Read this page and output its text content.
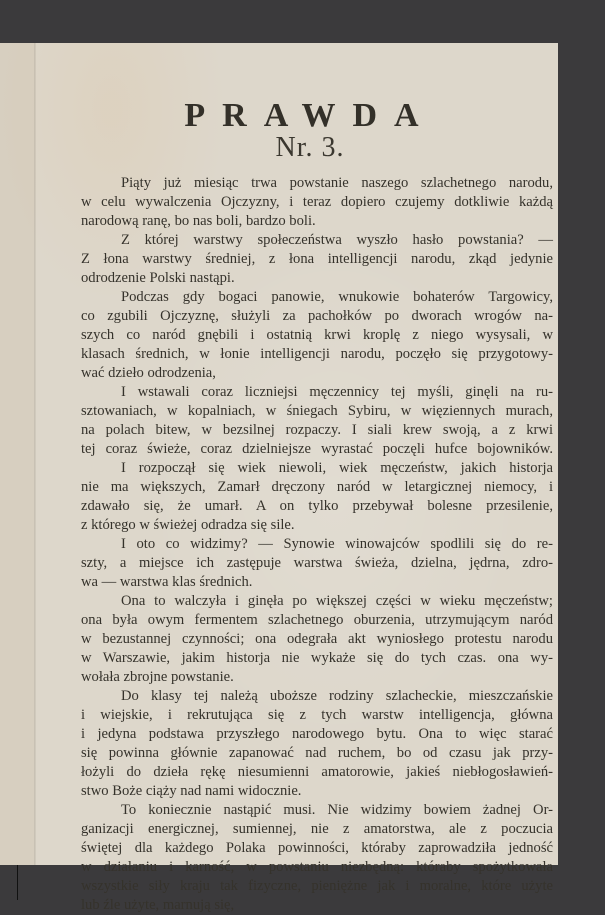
PRAWDA
Nr. 3.
Piąty już miesiąc trwa powstanie naszego szlachetnego narodu,
w celu wywalczenia Ojczyzny, i teraz dopiero czujemy dotkliwie każdą
narodową ranę, bo nas boli, bardzo boli.
Z której warstwy społeczeństwa wyszło hasło powstania? —
Z łona warstwy średniej, z łona intelligencji narodu, zkąd jedynie
odrodzenie Polski nastąpi.
Podczas gdy bogaci panowie, wnukowie bohaterów Targowicy,
co zgubili Ojczyznę, służyli za pachołków po dworach wrogów na-
szych co naród gnębili i ostatnią krwi kroplę z niego wysysali, w
klasach średnich, w łonie intelligencji narodu, poczęło się przygotowy-
wać dzieło odrodzenia,
I wstawali coraz liczniejsi męczennicy tej myśli, ginęli na ru-
sztowaniach, w kopalniach, w śniegach Sybiru, w więziennych murach,
na polach bitew, w bezsilnej rozpaczy. I siali krew swoją, a z krwi
tej coraz świeże, coraz dzielniejsze wyrastać poczęli hufce bojowników.
I rozpoczął się wiek niewoli, wiek męczeństw, jakich historja
nie ma większych, Zamarł dręczony naród w letargicznej niemocy, i
zdawało się, że umarł. A on tylko przebywał bolesne przesilenie,
z którego w świeżej odradza się sile.
I oto co widzimy? — Synowie winowajców spodlili się do re-
szty, a miejsce ich zastępuje warstwa świeża, dzielna, jędrna, zdro-
wa — warstwa klas średnich.
Ona to walczyła i ginęła po większej części w wieku męczeństw;
ona była owym fermentem szlachetnego oburzenia, utrzymującym naród
w bezustannej czynności; ona odegrała akt wyniosłego protestu narodu
w Warszawie, jakim historja nie wykaże się do tych czas. ona wy-
wołała zbrojne powstanie.
Do klasy tej należą uboższe rodziny szlacheckie, mieszczańskie
i wiejskie, i rekrutująca się z tych warstw intelligencja, główna
i jedyna podstawa przyszłego narodowego bytu. Ona to więc starać
się powinna głównie zapanować nad ruchem, bo od czasu jak przy-
łożyli do dzieła rękę niesumienni amatorowie, jakieś niebłogosławień-
stwo Boże ciąży nad nami widocznie.
To koniecznie nastąpić musi. Nie widzimy bowiem żadnej Or-
ganizacji energicznej, sumiennej, nie z amatorstwa, ale z poczucia
świętej dla każdego Polaka powinności, któraby zaprowadziła jedność
w działaniu i karność, w powstaniu niezbędną: któraby spożytkowała
wszystkie siły kraju tak fizyczne, pieniężne jak i moralne, które użyte
lub źle użyte, marnują się,
